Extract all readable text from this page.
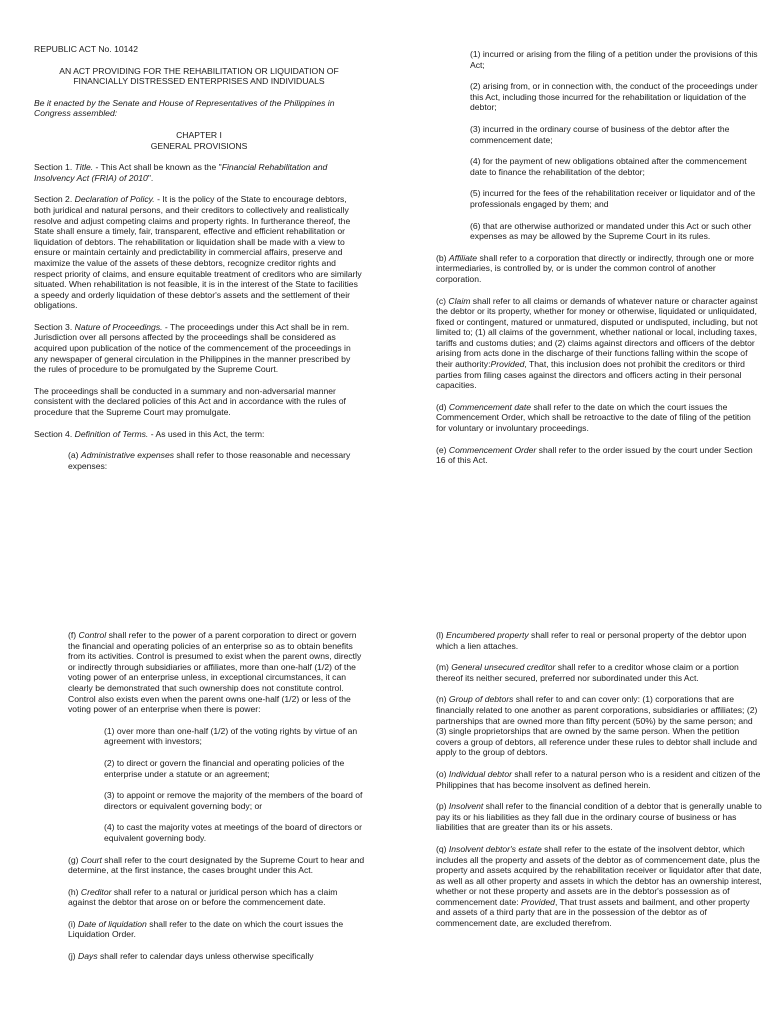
REPUBLIC ACT No. 10142

AN ACT PROVIDING FOR THE REHABILITATION OR LIQUIDATION OF
FINANCIALLY DISTRESSED ENTERPRISES AND INDIVIDUALS

Be it enacted by the Senate and House of Representatives of the Philippines in Congress assembled:

CHAPTER I
GENERAL PROVISIONS

Section 1. Title. - This Act shall be known as the "Financial Rehabilitation and Insolvency Act (FRIA) of 2010".

Section 2. Declaration of Policy. - It is the policy of the State to encourage debtors, both juridical and natural persons, and their creditors to collectively and realistically resolve and adjust competing claims and property rights. In furtherance thereof, the State shall ensure a timely, fair, transparent, effective and efficient rehabilitation or liquidation of debtors. The rehabilitation or liquidation shall be made with a view to ensure or maintain certainly and predictability in commercial affairs, preserve and maximize the value of the assets of these debtors, recognize creditor rights and respect priority of claims, and ensure equitable treatment of creditors who are similarly situated. When rehabilitation is not feasible, it is in the interest of the State to facilities a speedy and orderly liquidation of these debtor's assets and the settlement of their obligations.

Section 3. Nature of Proceedings. - The proceedings under this Act shall be in rem. Jurisdiction over all persons affected by the proceedings shall be considered as acquired upon publication of the notice of the commencement of the proceedings in any newspaper of general circulation in the Philippines in the manner prescribed by the rules of procedure to be promulgated by the Supreme Court.

The proceedings shall be conducted in a summary and non-adversarial manner consistent with the declared policies of this Act and in accordance with the rules of procedure that the Supreme Court may promulgate.

Section 4. Definition of Terms. - As used in this Act, the term:

(a) Administrative expenses shall refer to those reasonable and necessary expenses:

(1) incurred or arising from the filing of a petition under the provisions of this Act;

(2) arising from, or in connection with, the conduct of the proceedings under this Act, including those incurred for the rehabilitation or liquidation of the debtor;

(3) incurred in the ordinary course of business of the debtor after the commencement date;

(4) for the payment of new obligations obtained after the commencement date to finance the rehabilitation of the debtor;

(5) incurred for the fees of the rehabilitation receiver or liquidator and of the professionals engaged by them; and

(6) that are otherwise authorized or mandated under this Act or such other expenses as may be allowed by the Supreme Court in its rules.

(b) Affiliate shall refer to a corporation that directly or indirectly, through one or more intermediaries, is controlled by, or is under the common control of another corporation.

(c) Claim shall refer to all claims or demands of whatever nature or character against the debtor or its property, whether for money or otherwise, liquidated or unliquidated, fixed or contingent, matured or unmatured, disputed or undisputed, including, but not limited to; (1) all claims of the government, whether national or local, including taxes, tariffs and customs duties; and (2) claims against directors and officers of the debtor arising from acts done in the discharge of their functions falling within the scope of their authority:Provided, That, this inclusion does not prohibit the creditors or third parties from filing cases against the directors and officers acting in their personal capacities.

(d) Commencement date shall refer to the date on which the court issues the Commencement Order, which shall be retroactive to the date of filing of the petition for voluntary or involuntary proceedings.

(e) Commencement Order shall refer to the order issued by the court under Section 16 of this Act.

(f) Control shall refer to the power of a parent corporation to direct or govern the financial and operating policies of an enterprise so as to obtain benefits from its activities. Control is presumed to exist when the parent owns, directly or indirectly through subsidiaries or affiliates, more than one-half (1/2) of the voting power of an enterprise unless, in exceptional circumstances, it can clearly be demonstrated that such ownership does not constitute control. Control also exists even when the parent owns one-half (1/2) or less of the voting power of an enterprise when there is power:

(1) over more than one-half (1/2) of the voting rights by virtue of an agreement with investors;

(2) to direct or govern the financial and operating policies of the enterprise under a statute or an agreement;

(3) to appoint or remove the majority of the members of the board of directors or equivalent governing body; or

(4) to cast the majority votes at meetings of the board of directors or equivalent governing body.

(g) Court shall refer to the court designated by the Supreme Court to hear and determine, at the first instance, the cases brought under this Act.

(h) Creditor shall refer to a natural or juridical person which has a claim against the debtor that arose on or before the commencement date.

(i) Date of liquidation shall refer to the date on which the court issues the Liquidation Order.

(j) Days shall refer to calendar days unless otherwise specifically

(l) Encumbered property shall refer to real or personal property of the debtor upon which a lien attaches.

(m) General unsecured creditor shall refer to a creditor whose claim or a portion thereof its neither secured, preferred nor subordinated under this Act.

(n) Group of debtors shall refer to and can cover only: (1) corporations that are financially related to one another as parent corporations, subsidiaries or affiliates; (2) partnerships that are owned more than fifty percent (50%) by the same person; and (3) single proprietorships that are owned by the same person. When the petition covers a group of debtors, all reference under these rules to debtor shall include and apply to the group of debtors.

(o) Individual debtor shall refer to a natural person who is a resident and citizen of the Philippines that has become insolvent as defined herein.

(p) Insolvent shall refer to the financial condition of a debtor that is generally unable to pay its or his liabilities as they fall due in the ordinary course of business or has liabilities that are greater than its or his assets.

(q) Insolvent debtor's estate shall refer to the estate of the insolvent debtor, which includes all the property and assets of the debtor as of commencement date, plus the property and assets acquired by the rehabilitation receiver or liquidator after that date, as well as all other property and assets in which the debtor has an ownership interest, whether or not these property and assets are in the debtor's possession as of commencement date: Provided, That trust assets and bailment, and other property and assets of a third party that are in the possession of the debtor as of commencement date, are excluded therefrom.
